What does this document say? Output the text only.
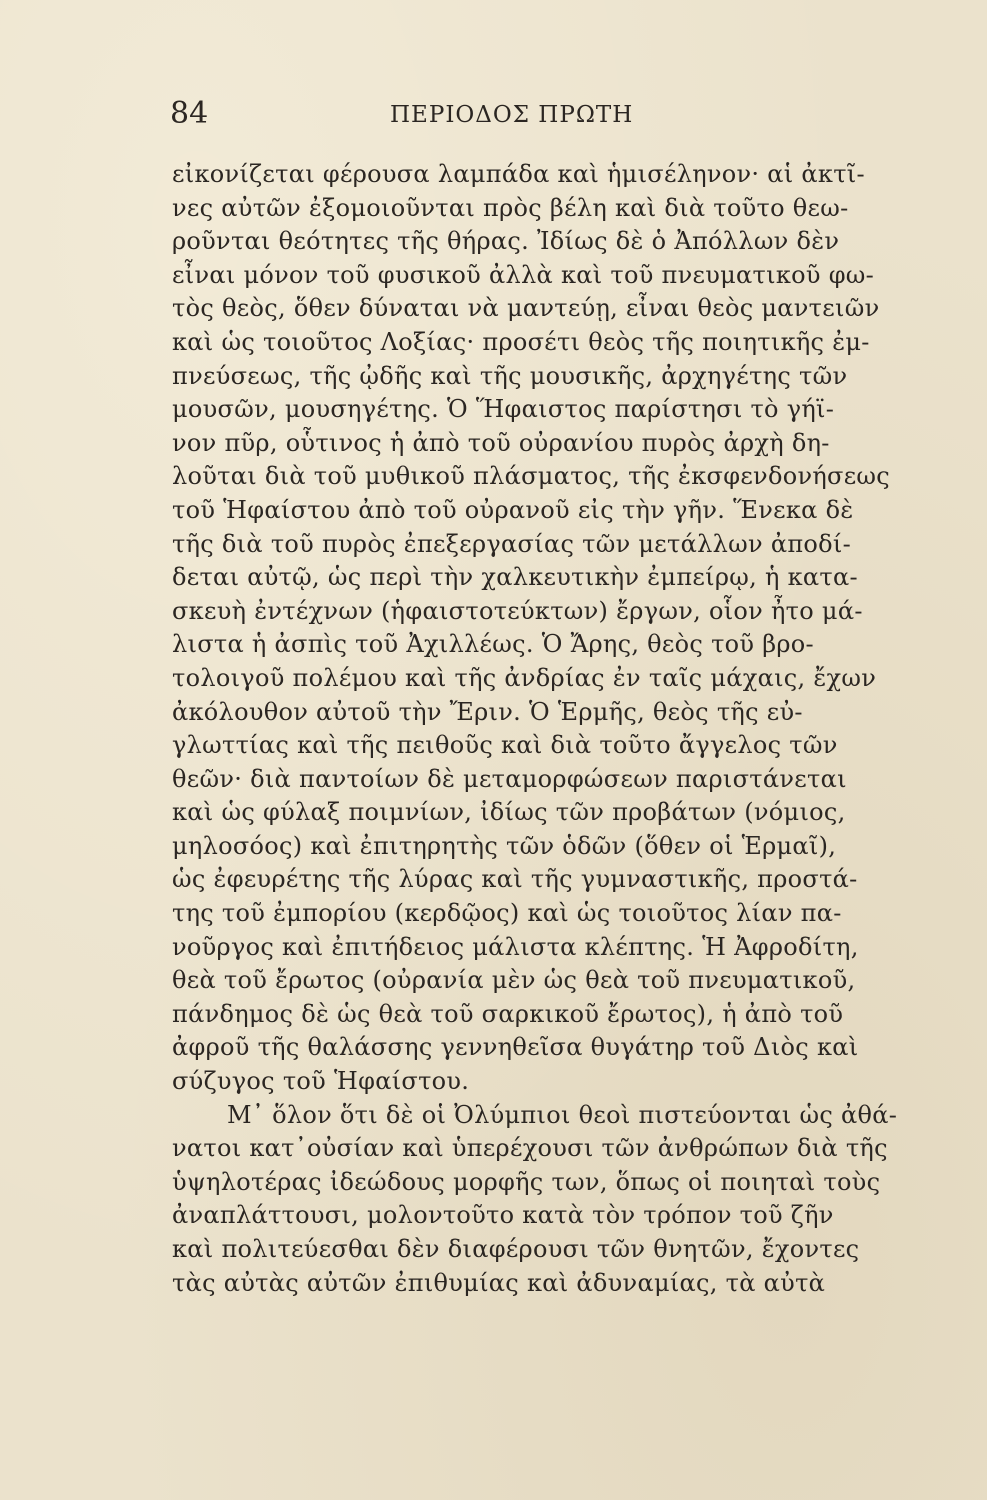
84	ΠΕΡΙΟΔΟΣ ΠΡΩΤΗ
εἰκονίζεται φέρουσα λαμπάδα καὶ ἡμισέληνον· αἱ ἀκτῖ-
νες αὐτῶν ἐξομοιοῦνται πρὸς βέλη καὶ διὰ τοῦτο θεω-
ροῦνται θεότητες τῆς θήρας. Ἰδίως δὲ ὁ Ἀπόλλων δὲν
εἶναι μόνον τοῦ φυσικοῦ ἀλλὰ καὶ τοῦ πνευματικοῦ φω-
τὸς θεὸς, ὅθεν δύναται νὰ μαντεύῃ, εἶναι θεὸς μαντειῶν
καὶ ὡς τοιοῦτος Λοξίας· προσέτι θεὸς τῆς ποιητικῆς ἐμ-
πνεύσεως, τῆς ᾠδῆς καὶ τῆς μουσικῆς, ἀρχηγέτης τῶν
μουσῶν, μουσηγέτης. Ὁ Ἥφαιστος παρίστησι τὸ γήϊ-
νον πῦρ, οὗτινος ἡ ἀπὸ τοῦ οὐρανίου πυρὸς ἀρχὴ δη-
λοῦται διὰ τοῦ μυθικοῦ πλάσματος, τῆς ἐκσφενδονήσεως
τοῦ Ἡφαίστου ἀπὸ τοῦ οὐρανοῦ εἰς τὴν γῆν. Ἕνεκα δὲ
τῆς διὰ τοῦ πυρὸς ἐπεξεργασίας τῶν μετάλλων ἀποδί-
δεται αὐτῷ, ὡς περὶ τὴν χαλκευτικὴν ἐμπείρῳ, ἡ κατα-
σκευὴ ἐντέχνων (ἡφαιστοτεύκτων) ἔργων, οἷον ἦτο μά-
λιστα ἡ ἀσπὶς τοῦ Ἀχιλλέως. Ὁ Ἄρης, θεὸς τοῦ βρο-
τολοιγοῦ πολέμου καὶ τῆς ἀνδρίας ἐν ταῖς μάχαις, ἔχων
ἀκόλουθον αὐτοῦ τὴν Ἔριν. Ὁ Ἑρμῆς, θεὸς τῆς εὐ-
γλωττίας καὶ τῆς πειθοῦς καὶ διὰ τοῦτο ἄγγελος τῶν
θεῶν· διὰ παντοίων δὲ μεταμορφώσεων παριστάνεται
καὶ ὡς φύλαξ ποιμνίων, ἰδίως τῶν προβάτων (νόμιος,
μηλοσόος) καὶ ἐπιτηρητὴς τῶν ὁδῶν (ὅθεν οἱ Ἑρμαῖ),
ὡς ἐφευρέτης τῆς λύρας καὶ τῆς γυμναστικῆς, προστά-
της τοῦ ἐμπορίου (κερδῷος) καὶ ὡς τοιοῦτος λίαν πα-
νοῦργος καὶ ἐπιτήδειος μάλιστα κλέπτης. Ἡ Ἀφροδίτη,
θεὰ τοῦ ἔρωτος (οὐρανία μὲν ὡς θεὰ τοῦ πνευματικοῦ,
πάνδημος δὲ ὡς θεὰ τοῦ σαρκικοῦ ἔρωτος), ἡ ἀπὸ τοῦ
ἀφροῦ τῆς θαλάσσης γεννηθεῖσα θυγάτηρ τοῦ Διὸς καὶ
σύζυγος τοῦ Ἡφαίστου.
Μ᾽ ὅλον ὅτι δὲ οἱ Ὀλύμπιοι θεοὶ πιστεύονται ὡς ἀθά-
νατοι κατ᾽οὐσίαν καὶ ὑπερέχουσι τῶν ἀνθρώπων διὰ τῆς
ὑψηλοτέρας ἰδεώδους μορφῆς των, ὅπως οἱ ποιηταὶ τοὺς
ἀναπλάττουσι, μολοντοῦτο κατὰ τὸν τρόπον τοῦ ζῆν
καὶ πολιτεύεσθαι δὲν διαφέρουσι τῶν θνητῶν, ἔχοντες
τὰς αὐτὰς αὐτῶν ἐπιθυμίας καὶ ἀδυναμίας, τὰ αὐτὰ
